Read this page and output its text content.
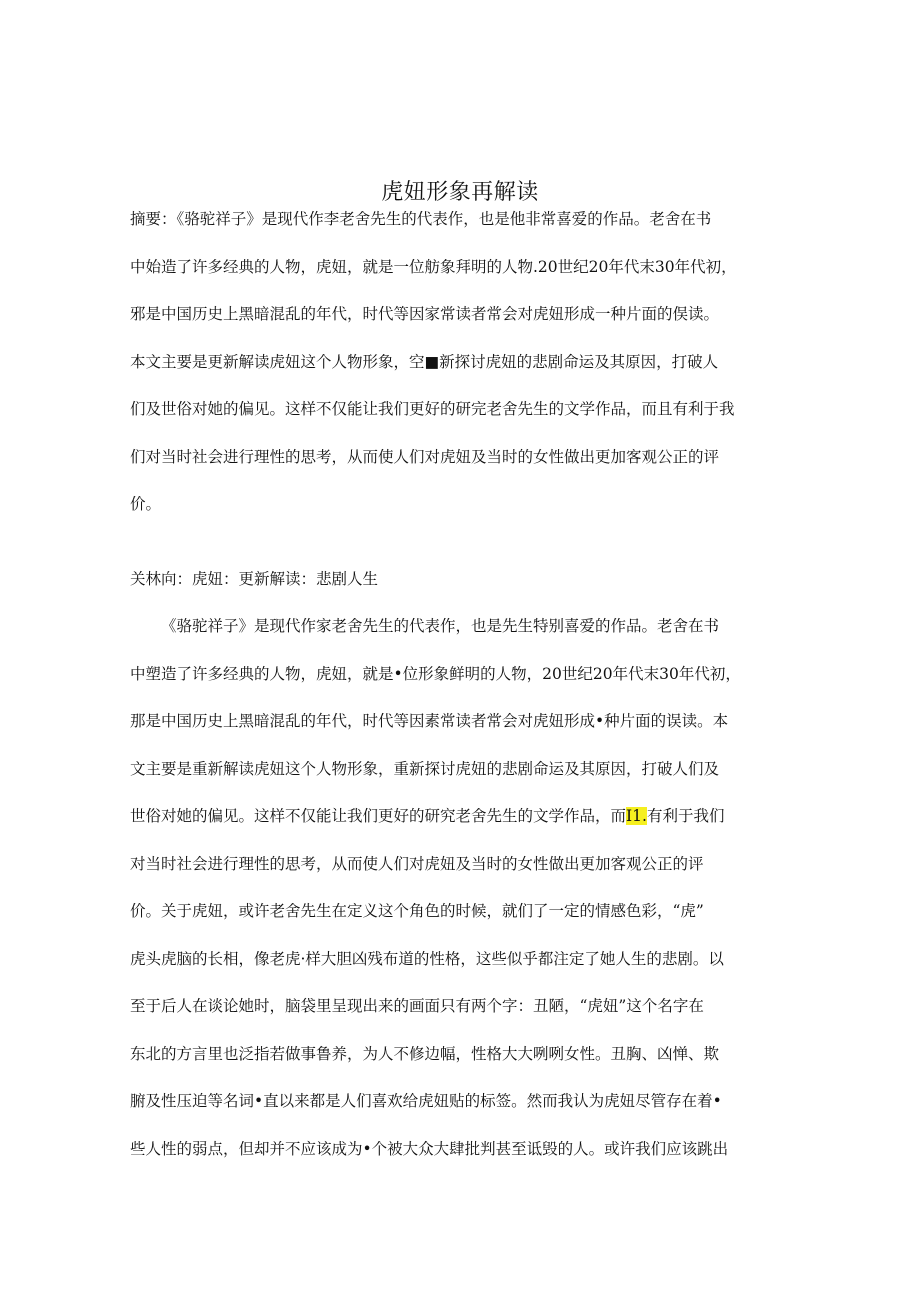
虎妞形象再解读
摘要：《骆驼祥子》是现代作李老舍先生的代表作，也是他非常喜爱的作品。老舍在书
中始造了许多经典的人物，虎妞，就是一位舫象拜明的人物.20世纪20年代末30年代初，
邪是中国历史上黑暗混乱的年代，时代等因家常读者常会对虎妞形成一种片面的俣读。
本文主要是更新解读虎妞这个人物形象，空■新探讨虎妞的悲剧命运及其原因，打破人
们及世俗对她的偏见。这样不仅能让我们更好的研完老舍先生的文学作品，而且有利于我
们对当时社会进行理性的思考，从而使人们对虎妞及当时的女性做出更加客观公正的评
价。
关林向：虎妞：更新解读：悲剧人生
《骆驼祥子》是现代作家老舍先生的代表作，也是先生特别喜爱的作品。老舍在书
中塑造了许多经典的人物，虎妞，就是•位形象鲜明的人物，20世纪20年代末30年代初，
那是中国历史上黑暗混乱的年代，时代等因素常读者常会对虎妞形成•种片面的误读。本
文主要是重新解读虎妞这个人物形象，重新探讨虎妞的悲剧命运及其原因，打破人们及
世俗对她的偏见。这样不仅能让我们更好的研究老舍先生的文学作品，而I1.有利于我们
对当时社会进行理性的思考，从而使人们对虎妞及当时的女性做出更加客观公正的评
价。关于虎妞，或许老舍先生在定义这个角色的时候，就们了一定的情感色彩，“虎”
虎头虎脑的长相，像老虎·样大胆凶残布道的性格，这些似乎都注定了她人生的悲剧。以
至于后人在谈论她时，脑袋里呈现出来的画面只有两个字：丑陋，“虎妞”这个名字在
东北的方言里也泛指若做事鲁养，为人不修边幅，性格大大咧咧女性。丑胸、凶惮、欺
腑及性压迫等名词•直以来都是人们喜欢给虎妞贴的标签。然而我认为虎妞尽管存在着•
些人性的弱点，但却并不应该成为•个被大众大肆批判甚至诋毁的人。或许我们应该跳出
